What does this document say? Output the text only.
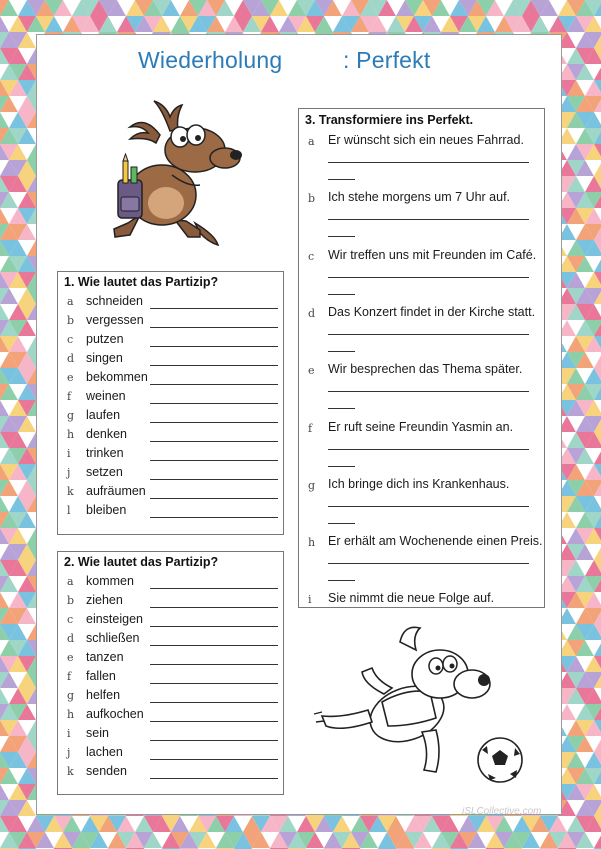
Wiederholung	: Perfekt
1. Wie lautet das Partizip?
a schneiden
b vergessen
c putzen
d singen
e bekommen
f weinen
g laufen
h denken
i trinken
j setzen
k aufräumen
l bleiben
2. Wie lautet das Partizip?
a kommen
b ziehen
c einsteigen
d schließen
e tanzen
f fallen
g helfen
h aufkochen
i sein
j lachen
k senden
3. Transformiere ins Perfekt.
a Er wünscht sich ein neues Fahrrad.
b Ich stehe morgens um 7 Uhr auf.
c Wir treffen uns mit Freunden im Café.
d Das Konzert findet in der Kirche statt.
e Wir besprechen das Thema später.
f Er ruft seine Freundin Yasmin an.
g Ich bringe dich ins Krankenhaus.
h Er erhält am Wochenende einen Preis.
i Sie nimmt die neue Folge auf.
iSLCollective.com
